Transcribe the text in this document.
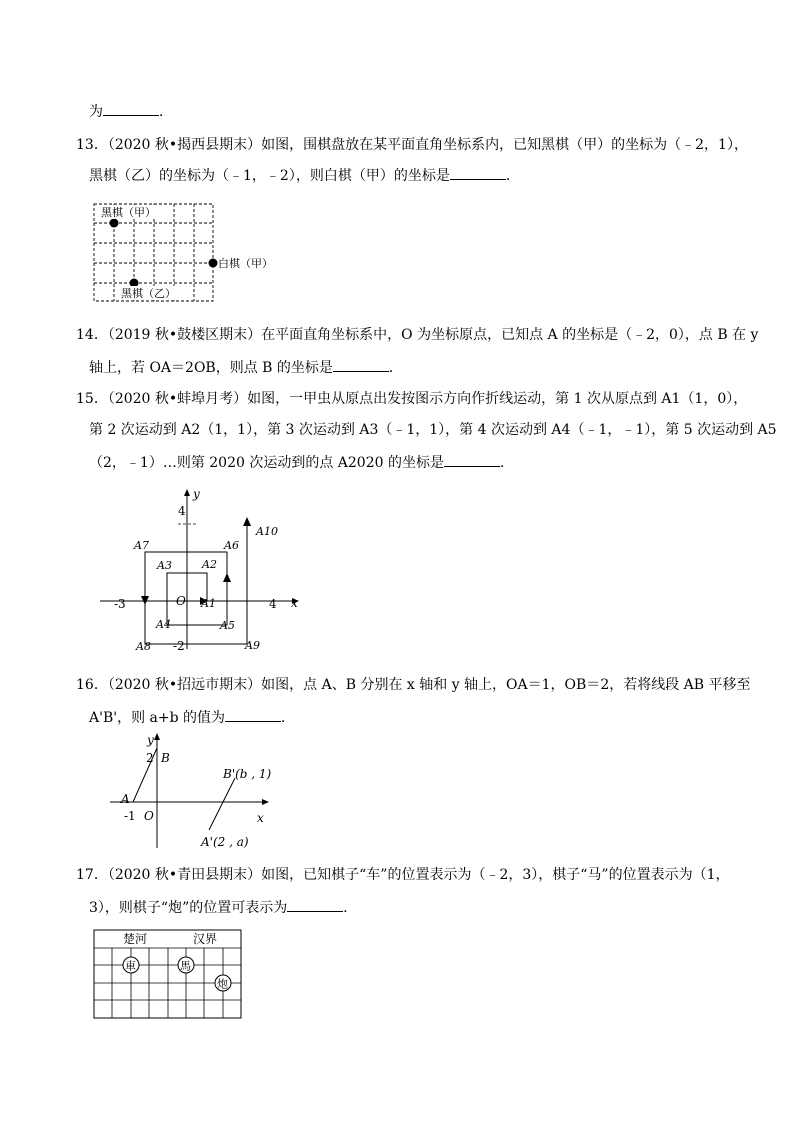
为	．
13．（2020 秋•揭西县期末）如图，围棋盘放在某平面直角坐标系内，已知黑棋（甲）的坐标为（﹣2，1），
黑棋（乙）的坐标为（﹣1，﹣2），则白棋（甲）的坐标是	．
黑棋（甲）
黑棋（乙）
白棋（甲）
14．（2019 秋•鼓楼区期末）在平面直角坐标系中，O 为坐标原点，已知点 A 的坐标是（﹣2，0），点 B 在 y
轴上，若 OA＝2OB，则点 B 的坐标是	．
15．（2020 秋•蚌埠月考）如图，一甲虫从原点出发按图示方向作折线运动，第 1 次从原点到 A1（1，0），
第 2 次运动到 A2（1，1），第 3 次运动到 A3（﹣1，1），第 4 次运动到 A4（﹣1，﹣1），第 5 次运动到 A5
（2，﹣1）…则第 2020 次运动到的点 A2020 的坐标是	．
y
x
O
4
-3	4
-2
A1
A2
A3
A4	A5
A6
A7
A8	A9
A10
16．（2020 秋•招远市期末）如图，点 A、B 分别在 x 轴和 y 轴上，OA＝1，OB＝2，若将线段 AB 平移至
A'B'，则 a+b 的值为	．
y
x
O
2 B
A
-1
B'(b , 1)
A'(2 , a)
17．（2020 秋•青田县期末）如图，已知棋子“车”的位置表示为（﹣2，3），棋子“马”的位置表示为（1，
3），则棋子“炮”的位置可表示为	．
楚河	汉界
車	馬
炮
